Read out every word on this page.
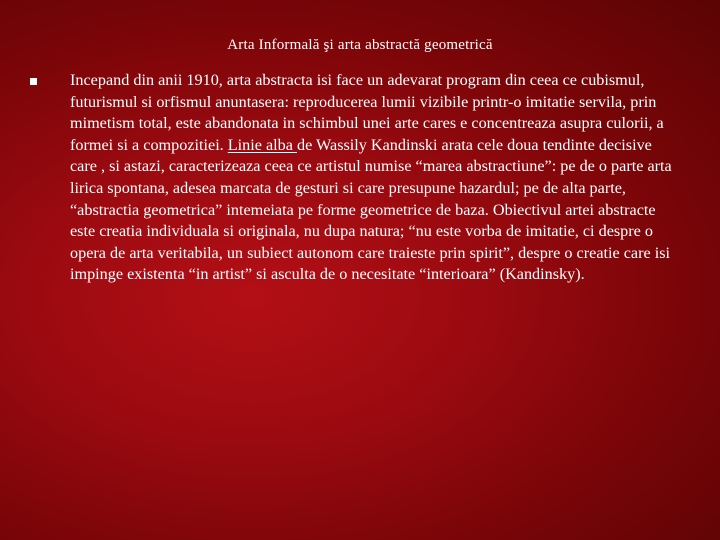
Arta Informală şi arta abstractă geometrică

Incepand din anii 1910, arta abstracta isi face un adevarat program din ceea ce cubismul, futurismul si orfismul anuntasera: reproducerea lumii vizibile printr-o imitatie servila, prin mimetism total, este abandonata in schimbul unei arte cares e concentreaza asupra culorii, a formei si a compozitiei. Linie alba de Wassily Kandinski arata cele doua tendinte decisive care , si astazi, caracterizeaza ceea ce artistul numise “marea abstractiune”: pe de o parte arta lirica spontana, adesea marcata de gesturi si care presupune hazardul; pe de alta parte, “abstractia geometrica” intemeiata pe forme geometrice de baza. Obiectivul artei abstracte este creatia individuala si originala, nu dupa natura; “nu este vorba de imitatie, ci despre o opera de arta veritabila, un subiect autonom care traieste prin spirit”, despre o creatie care isi impinge existenta “in artist” si asculta de o necesitate “interioara” (Kandinsky).
